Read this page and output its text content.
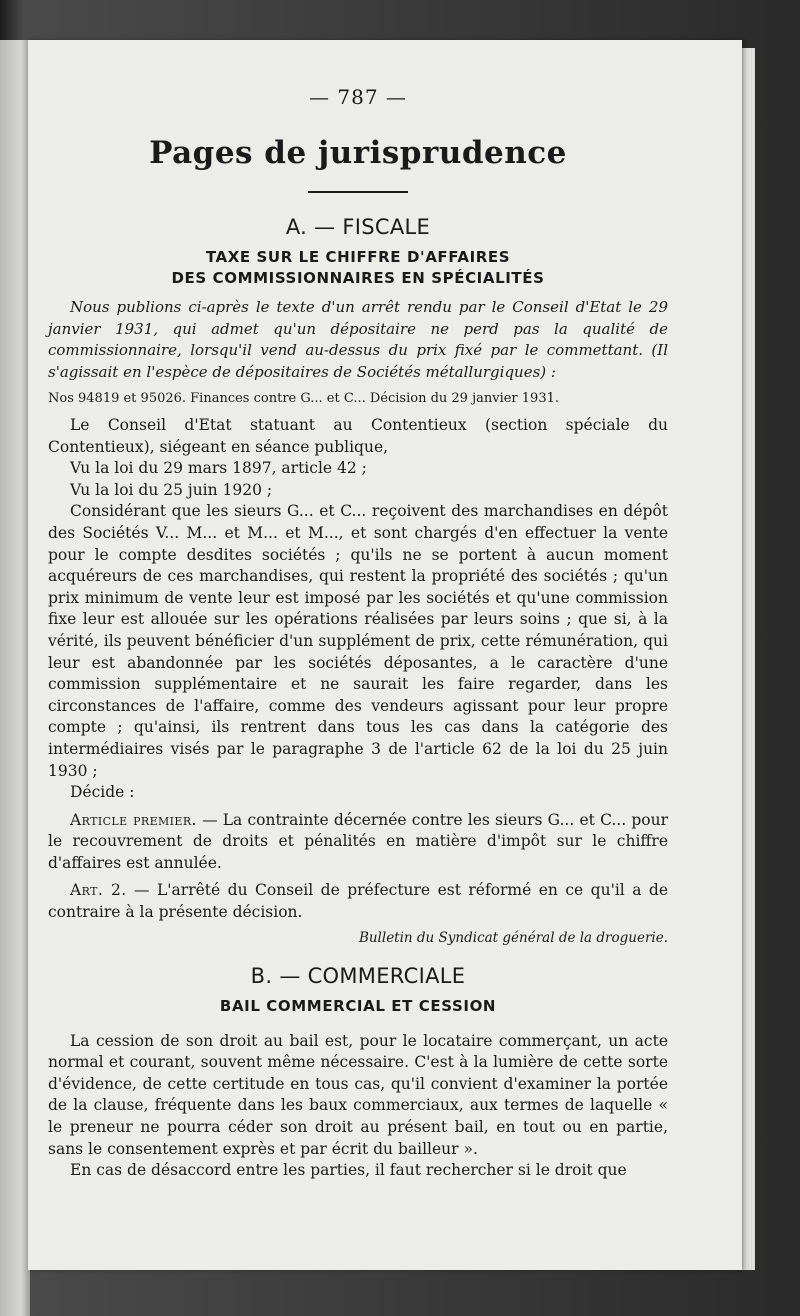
— 787 —
Pages de jurisprudence
A. — FISCALE
TAXE SUR LE CHIFFRE D'AFFAIRES
DES COMMISSIONNAIRES EN SPÉCIALITÉS

Nous publions ci-après le texte d'un arrêt rendu par le Conseil d'Etat le 29 janvier 1931, qui admet qu'un dépositaire ne perd pas la qualité de commissionnaire, lorsqu'il vend au-dessus du prix fixé par le commettant. (Il s'agissait en l'espèce de dépositaires de Sociétés métallurgiques) :

Nos 94819 et 95026. Finances contre G... et C... Décision du 29 janvier 1931.

Le Conseil d'Etat statuant au Contentieux (section spéciale du Contentieux), siégeant en séance publique,

Vu la loi du 29 mars 1897, article 42 ;

Vu la loi du 25 juin 1920 ;

Considérant que les sieurs G... et C... reçoivent des marchandises en dépôt des Sociétés V... M... et M... et M..., et sont chargés d'en effectuer la vente pour le compte desdites sociétés ; qu'ils ne se portent à aucun moment acquéreurs de ces marchandises, qui restent la propriété des sociétés ; qu'un prix minimum de vente leur est imposé par les sociétés et qu'une commission fixe leur est allouée sur les opérations réalisées par leurs soins ; que si, à la vérité, ils peuvent bénéficier d'un supplément de prix, cette rémunération, qui leur est abandonnée par les sociétés déposantes, a le caractère d'une commission supplémentaire et ne saurait les faire regarder, dans les circonstances de l'affaire, comme des vendeurs agissant pour leur propre compte ; qu'ainsi, ils rentrent dans tous les cas dans la catégorie des intermédiaires visés par le paragraphe 3 de l'article 62 de la loi du 25 juin 1930 ;

Décide :

Article premier. — La contrainte décernée contre les sieurs G... et C... pour le recouvrement de droits et pénalités en matière d'impôt sur le chiffre d'affaires est annulée.

Art. 2. — L'arrêté du Conseil de préfecture est réformé en ce qu'il a de contraire à la présente décision.

Bulletin du Syndicat général de la droguerie.

B. — COMMERCIALE
BAIL COMMERCIAL ET CESSION

La cession de son droit au bail est, pour le locataire commerçant, un acte normal et courant, souvent même nécessaire. C'est à la lumière de cette sorte d'évidence, de cette certitude en tous cas, qu'il convient d'examiner la portée de la clause, fréquente dans les baux commerciaux, aux termes de laquelle « le preneur ne pourra céder son droit au présent bail, en tout ou en partie, sans le consentement exprès et par écrit du bailleur ».

En cas de désaccord entre les parties, il faut rechercher si le droit que
